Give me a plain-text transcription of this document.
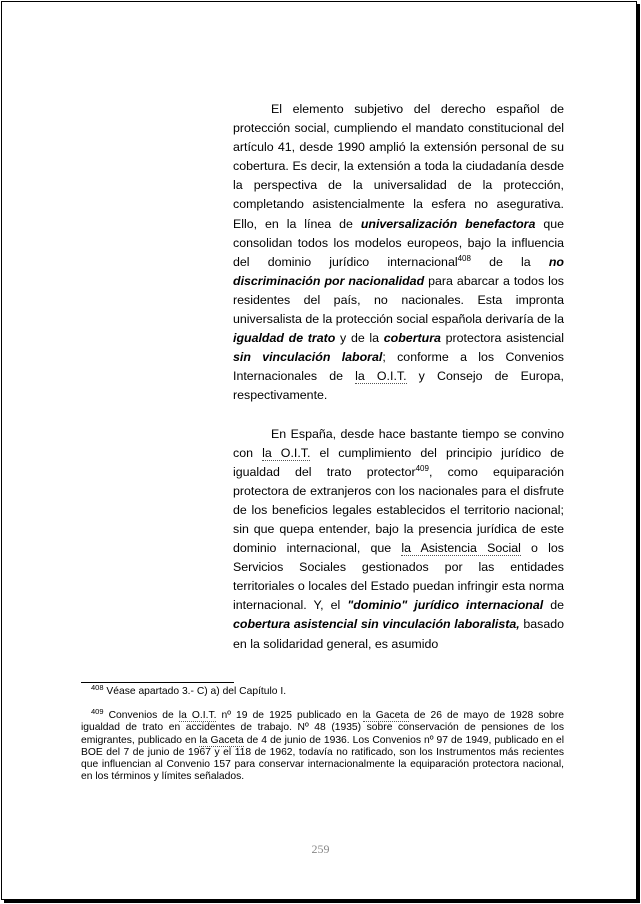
El elemento subjetivo del derecho español de protección social, cumpliendo el mandato constitucional del artículo 41, desde 1990 amplió la extensión personal de su cobertura. Es decir, la extensión a toda la ciudadanía desde la perspectiva de la universalidad de la protección, completando asistencialmente la esfera no asegurativa. Ello, en la línea de universalización benefactora que consolidan todos los modelos europeos, bajo la influencia del dominio jurídico internacional$^{408}$ de la no discriminación por nacionalidad para abarcar a todos los residentes del país, no nacionales. Esta impronta universalista de la protección social española derivaría de la igualdad de trato y de la cobertura protectora asistencial sin vinculación laboral; conforme a los Convenios Internacionales de la O.I.T. y Consejo de Europa, respectivamente.

En España, desde hace bastante tiempo se convino con la O.I.T. el cumplimiento del principio jurídico de igualdad del trato protector$^{409}$, como equiparación protectora de extranjeros con los nacionales para el disfrute de los beneficios legales establecidos el territorio nacional; sin que quepa entender, bajo la presencia jurídica de este dominio internacional, que la Asistencia Social o los Servicios Sociales gestionados por las entidades territoriales o locales del Estado puedan infringir esta norma internacional. Y, el "dominio" jurídico internacional de cobertura asistencial sin vinculación laboralista, basado en la solidaridad general, es asumido

$^{408}$ Véase apartado 3.- C) a) del Capítulo I.

$^{409}$ Convenios de la O.I.T. nº 19 de 1925 publicado en la Gaceta de 26 de mayo de 1928 sobre igualdad de trato en accidentes de trabajo. Nº 48 (1935) sobre conservación de pensiones de los emigrantes, publicado en la Gaceta de 4 de junio de 1936. Los Convenios nº 97 de 1949, publicado en el BOE del 7 de junio de 1967 y el 118 de 1962, todavía no ratificado, son los Instrumentos más recientes que influencian al Convenio 157 para conservar internacionalmente la equiparación protectora nacional, en los términos y límites señalados.

259
